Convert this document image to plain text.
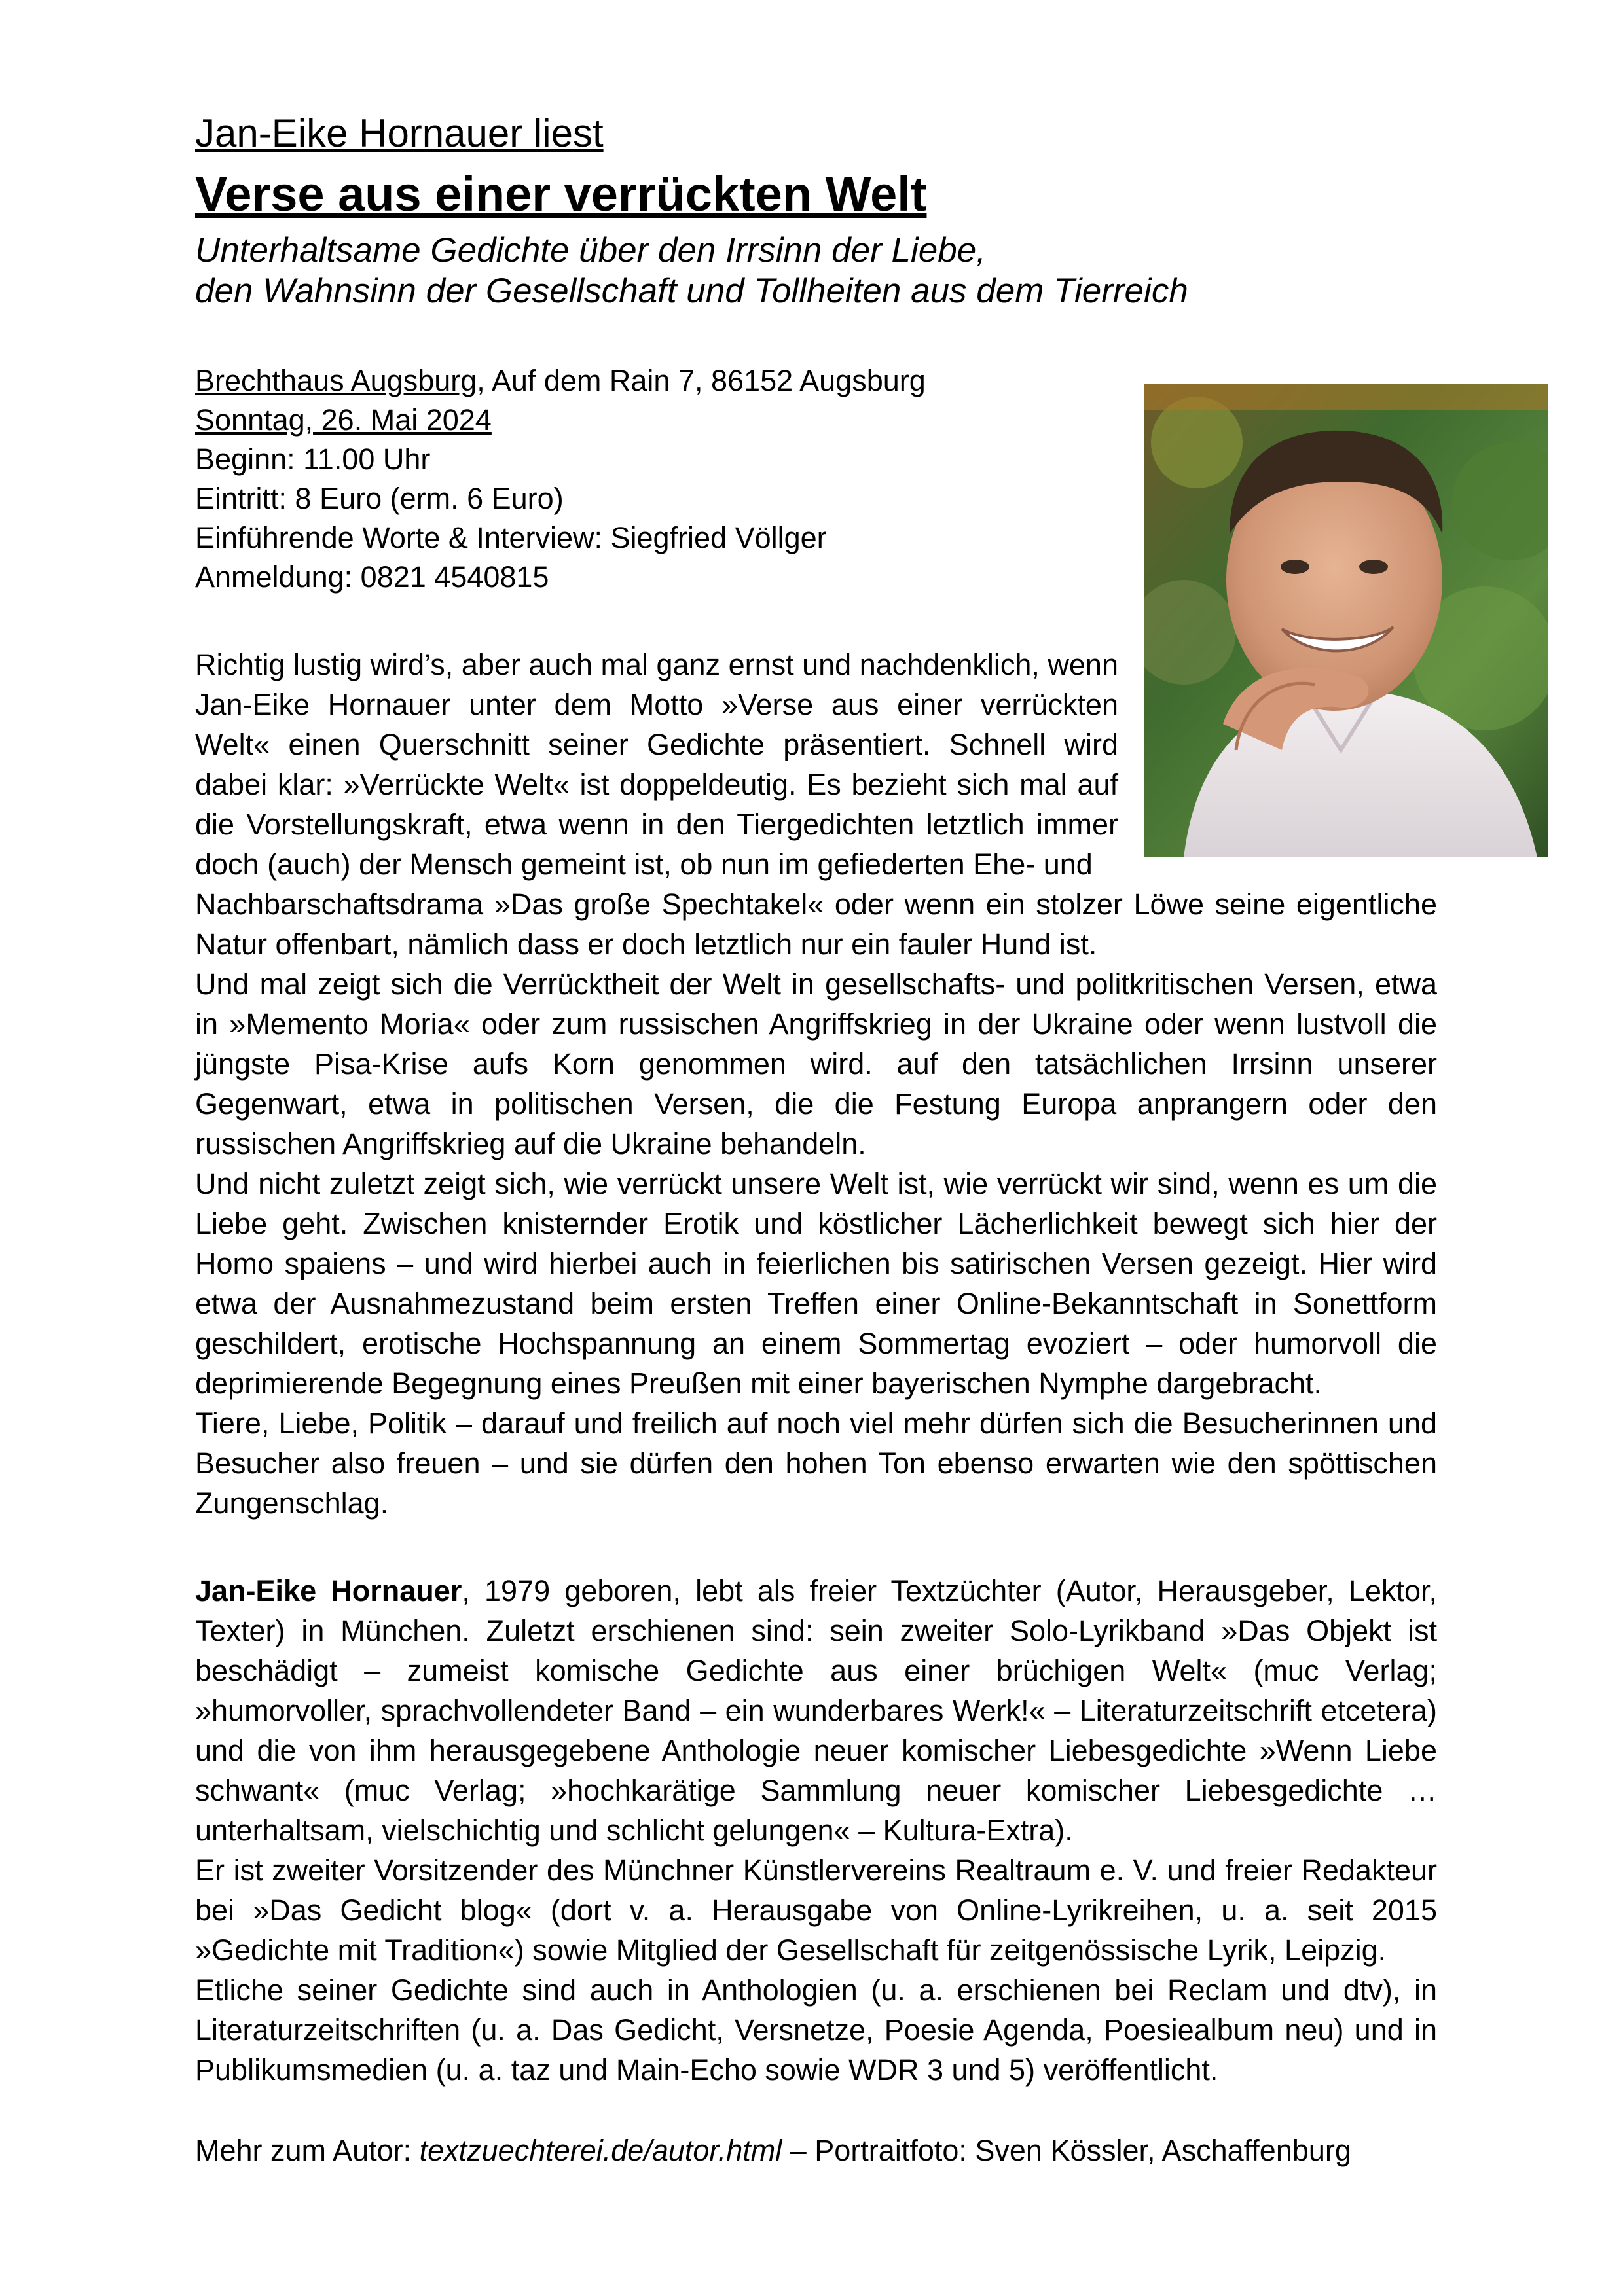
Jan-Eike Hornauer liest
Verse aus einer verrückten Welt
Unterhaltsame Gedichte über den Irrsinn der Liebe,
den Wahnsinn der Gesellschaft und Tollheiten aus dem Tierreich
Brechthaus Augsburg, Auf dem Rain 7, 86152 Augsburg
Sonntag, 26. Mai 2024
Beginn: 11.00 Uhr
Eintritt: 8 Euro (erm. 6 Euro)
Einführende Worte & Interview: Siegfried Völlger
Anmeldung: 0821 4540815

Richtig lustig wird’s, aber auch mal ganz ernst und nachdenklich, wenn Jan-Eike Hornauer unter dem Motto »Verse aus einer verrückten Welt« einen Querschnitt seiner Gedichte präsentiert. Schnell wird dabei klar: »Verrückte Welt« ist doppeldeutig. Es bezieht sich mal auf die Vorstellungskraft, etwa wenn in den Tiergedichten letztlich immer doch (auch) der Mensch gemeint ist, ob nun im gefiederten Ehe- und

Nachbarschaftsdrama »Das große Spechtakel« oder wenn ein stolzer Löwe seine eigentliche Natur offenbart, nämlich dass er doch letztlich nur ein fauler Hund ist.

Und mal zeigt sich die Verrücktheit der Welt in gesellschafts- und politkritischen Versen, etwa in »Memento Moria« oder zum russischen Angriffskrieg in der Ukraine oder wenn lustvoll die jüngste Pisa-Krise aufs Korn genommen wird. auf den tatsächlichen Irrsinn unserer Gegenwart, etwa in politischen Versen, die die Festung Europa anprangern oder den russischen Angriffskrieg auf die Ukraine behandeln.

Und nicht zuletzt zeigt sich, wie verrückt unsere Welt ist, wie verrückt wir sind, wenn es um die Liebe geht. Zwischen knisternder Erotik und köstlicher Lächerlichkeit bewegt sich hier der Homo spaiens – und wird hierbei auch in feierlichen bis satirischen Versen gezeigt. Hier wird etwa der Ausnahmezustand beim ersten Treffen einer Online-Bekanntschaft in Sonettform geschildert, erotische Hochspannung an einem Sommertag evoziert – oder humorvoll die deprimierende Begegnung eines Preußen mit einer bayerischen Nymphe dargebracht.

Tiere, Liebe, Politik – darauf und freilich auf noch viel mehr dürfen sich die Besucherinnen und Besucher also freuen – und sie dürfen den hohen Ton ebenso erwarten wie den spöttischen Zungenschlag.

Jan-Eike Hornauer, 1979 geboren, lebt als freier Textzüchter (Autor, Herausgeber, Lektor, Texter) in München. Zuletzt erschienen sind: sein zweiter Solo-Lyrikband »Das Objekt ist beschädigt – zumeist komische Gedichte aus einer brüchigen Welt« (muc Verlag; »humorvoller, sprachvollendeter Band – ein wunderbares Werk!« – Literaturzeitschrift etcetera) und die von ihm herausgegebene Anthologie neuer komischer Liebesgedichte »Wenn Liebe schwant« (muc Verlag; »hochkarätige Sammlung neuer komischer Liebesgedichte … unterhaltsam, vielschichtig und schlicht gelungen« – Kultura-Extra).

Er ist zweiter Vorsitzender des Münchner Künstlervereins Realtraum e. V. und freier Redakteur bei »Das Gedicht blog« (dort v. a. Herausgabe von Online-Lyrikreihen, u. a. seit 2015 »Gedichte mit Tradition«) sowie Mitglied der Gesellschaft für zeitgenössische Lyrik, Leipzig.

Etliche seiner Gedichte sind auch in Anthologien (u. a. erschienen bei Reclam und dtv), in Literaturzeitschriften (u. a. Das Gedicht, Versnetze, Poesie Agenda, Poesiealbum neu) und in Publikumsmedien (u. a. taz und Main-Echo sowie WDR 3 und 5) veröffentlicht.

Mehr zum Autor: textzuechterei.de/autor.html – Portraitfoto: Sven Kössler, Aschaffenburg
